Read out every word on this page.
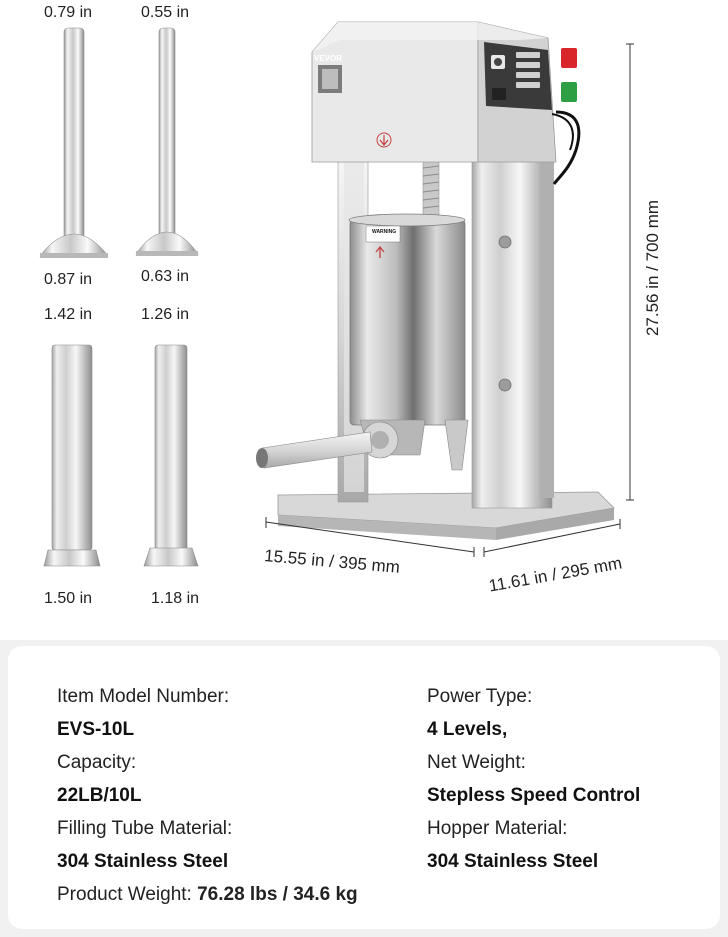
VEVOR
WARNING
0.79 in
0.87 in
0.55 in
0.63 in
1.42 in
1.50 in
1.26 in
1.18 in
27.56 in / 700 mm
15.55 in / 395 mm	11.61 in / 295 mm
Item Model Number:
EVS-10L
Capacity:
22LB/10L
Filling Tube Material:
304 Stainless Steel
Product Weight: 76.28 lbs / 34.6 kg
Power Type:
4 Levels,
Net Weight:
Stepless Speed Control
Hopper Material:
304 Stainless Steel
